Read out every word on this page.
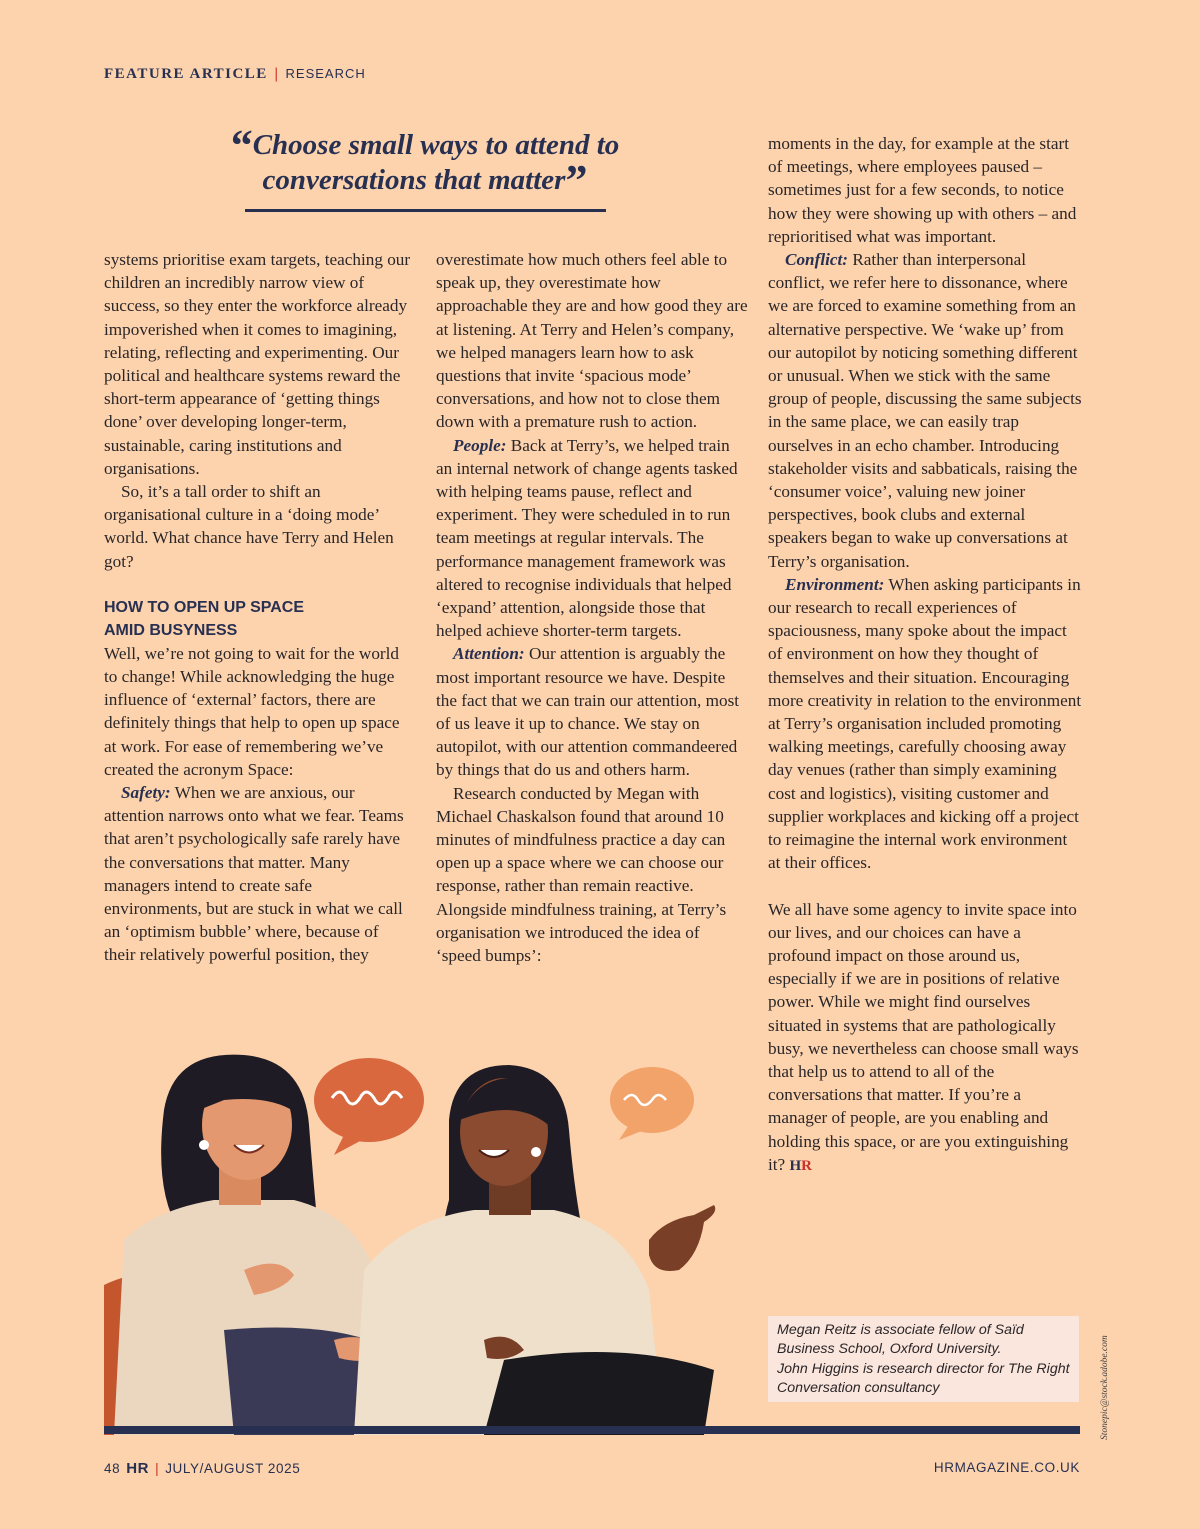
FEATURE ARTICLE | RESEARCH
“Choose small ways to attend to conversations that matter”

systems prioritise exam targets, teaching our children an incredibly narrow view of success, so they enter the workforce already impoverished when it comes to imagining, relating, reflecting and experimenting. Our political and healthcare systems reward the short-term appearance of ‘getting things done’ over developing longer-term, sustainable, caring institutions and organisations.

So, it’s a tall order to shift an organisational culture in a ‘doing mode’ world. What chance have Terry and Helen got?

HOW TO OPEN UP SPACE
AMID BUSYNESS

Well, we’re not going to wait for the world to change! While acknowledging the huge influence of ‘external’ factors, there are definitely things that help to open up space at work. For ease of remembering we’ve created the acronym Space:

Safety: When we are anxious, our attention narrows onto what we fear. Teams that aren’t psychologically safe rarely have the conversations that matter. Many managers intend to create safe environments, but are stuck in what we call an ‘optimism bubble’ where, because of their relatively powerful position, they

overestimate how much others feel able to speak up, they overestimate how approachable they are and how good they are at listening. At Terry and Helen’s company, we helped managers learn how to ask questions that invite ‘spacious mode’ conversations, and how not to close them down with a premature rush to action.

People: Back at Terry’s, we helped train an internal network of change agents tasked with helping teams pause, reflect and experiment. They were scheduled in to run team meetings at regular intervals. The performance management framework was altered to recognise individuals that helped ‘expand’ attention, alongside those that helped achieve shorter-term targets.

Attention: Our attention is arguably the most important resource we have. Despite the fact that we can train our attention, most of us leave it up to chance. We stay on autopilot, with our attention commandeered by things that do us and others harm.

Research conducted by Megan with Michael Chaskalson found that around 10 minutes of mindfulness practice a day can open up a space where we can choose our response, rather than remain reactive. Alongside mindfulness training, at Terry’s organisation we introduced the idea of ‘speed bumps’:

moments in the day, for example at the start of meetings, where employees paused – sometimes just for a few seconds, to notice how they were showing up with others – and reprioritised what was important.

Conflict: Rather than interpersonal conflict, we refer here to dissonance, where we are forced to examine something from an alternative perspective. We ‘wake up’ from our autopilot by noticing something different or unusual. When we stick with the same group of people, discussing the same subjects in the same place, we can easily trap ourselves in an echo chamber. Introducing stakeholder visits and sabbaticals, raising the ‘consumer voice’, valuing new joiner perspectives, book clubs and external speakers began to wake up conversations at Terry’s organisation.

Environment: When asking participants in our research to recall experiences of spaciousness, many spoke about the impact of environment on how they thought of themselves and their situation. Encouraging more creativity in relation to the environment at Terry’s organisation included promoting walking meetings, carefully choosing away day venues (rather than simply examining cost and logistics), visiting customer and supplier workplaces and kicking off a project to reimagine the internal work environment at their offices.

We all have some agency to invite space into our lives, and our choices can have a profound impact on those around us, especially if we are in positions of relative power. While we might find ourselves situated in systems that are pathologically busy, we nevertheless can choose small ways that help us to attend to all of the conversations that matter. If you’re a manager of people, are you enabling and holding this space, or are you extinguishing it? HR

Megan Reitz is associate fellow of Saïd Business School, Oxford University.

John Higgins is research director for The Right Conversation consultancy	Stonepic@stock.adobe.com
48 HR | JULY/AUGUST 2025	HRMAGAZINE.CO.UK
